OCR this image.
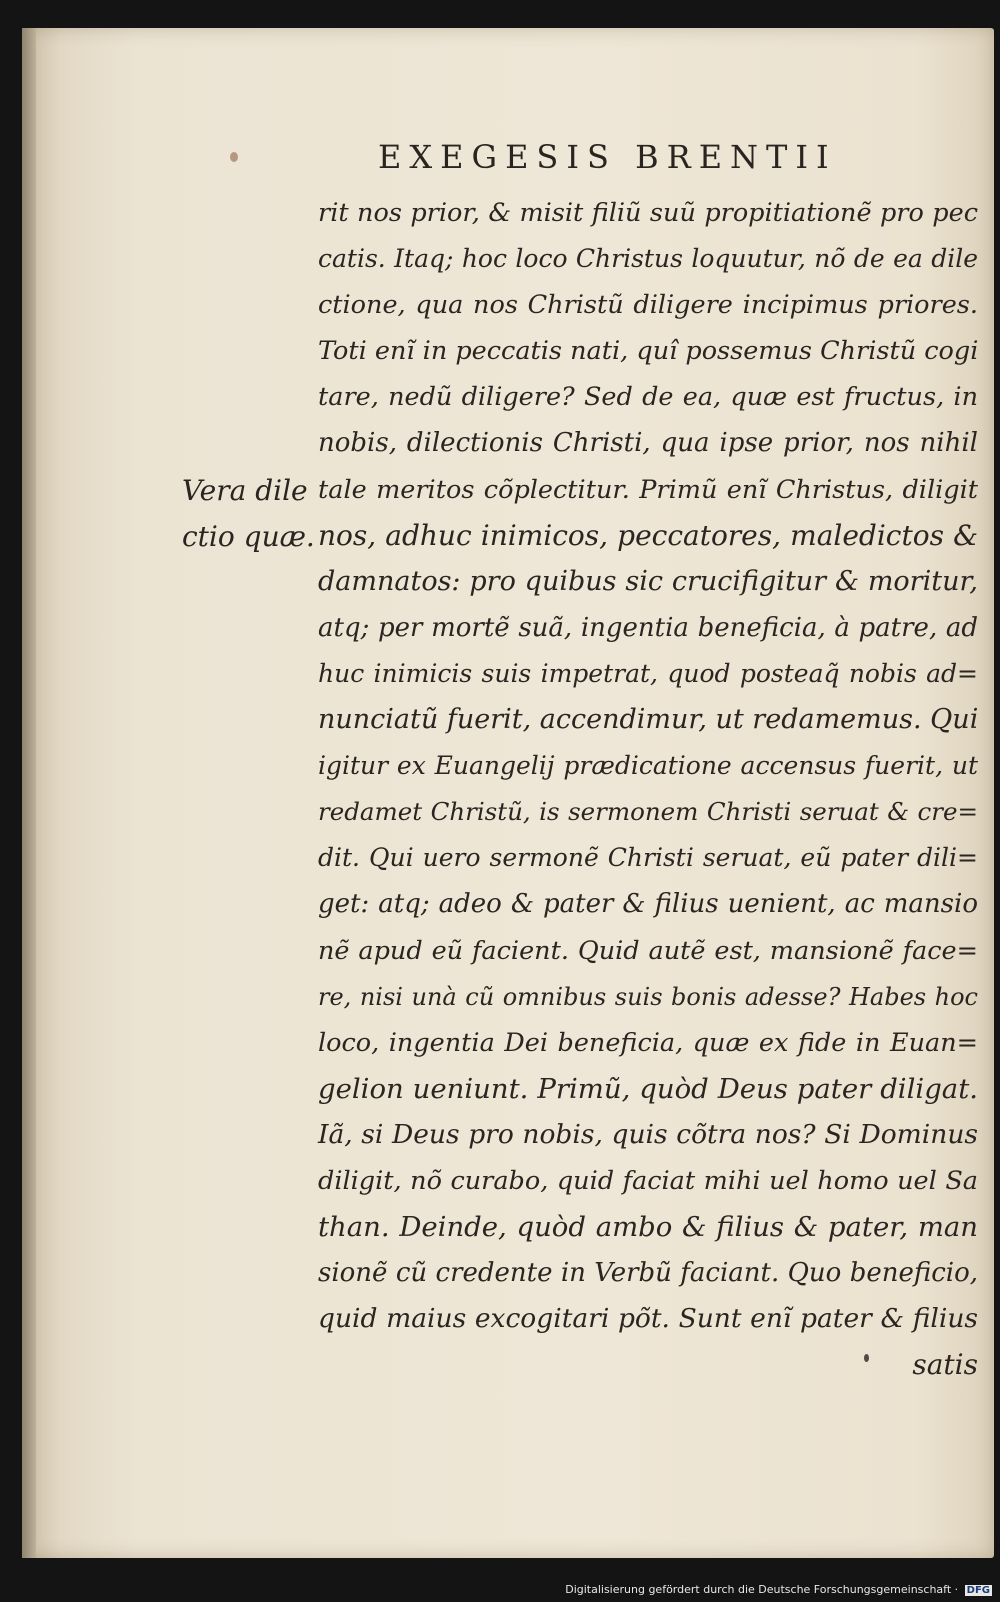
EXEGESIS BRENTII
Vera dile
ctio quæ.
rit nos prior, & misit filiũ suũ propitiationẽ pro pec
catis. Itaq; hoc loco Christus loquutur, nõ de ea dile
ctione, qua nos Christũ diligere incipimus priores.
Toti enĩ in peccatis nati, quî possemus Christũ cogi
tare, nedũ diligere? Sed de ea, quæ est fructus, in
nobis, dilectionis Christi, qua ipse prior, nos nihil
tale meritos cõplectitur. Primũ enĩ Christus, diligit
nos, adhuc inimicos, peccatores, maledictos &
damnatos: pro quibus sic crucifigitur & moritur,
atq; per mortẽ suã, ingentia beneficia, à patre, ad
huc inimicis suis impetrat, quod posteaq̃ nobis ad=
nunciatũ fuerit, accendimur, ut redamemus. Qui
igitur ex Euangelij prædicatione accensus fuerit, ut
redamet Christũ, is sermonem Christi seruat & cre=
dit. Qui uero sermonẽ Christi seruat, eũ pater dili=
get: atq; adeo & pater & filius uenient, ac mansio
nẽ apud eũ facient. Quid autẽ est, mansionẽ face=
re, nisi unà cũ omnibus suis bonis adesse? Habes hoc
loco, ingentia Dei beneficia, quæ ex fide in Euan=
gelion ueniunt. Primũ, quòd Deus pater diligat.
Iã, si Deus pro nobis, quis cõtra nos? Si Dominus
diligit, nõ curabo, quid faciat mihi uel homo uel Sa
than. Deinde, quòd ambo & filius & pater, man
sionẽ cũ credente in Verbũ faciant. Quo beneficio,
quid maius excogitari põt. Sunt enĩ pater & filius
satis
Digitalisierung gefördert durch die Deutsche Forschungsgemeinschaft · DFG
